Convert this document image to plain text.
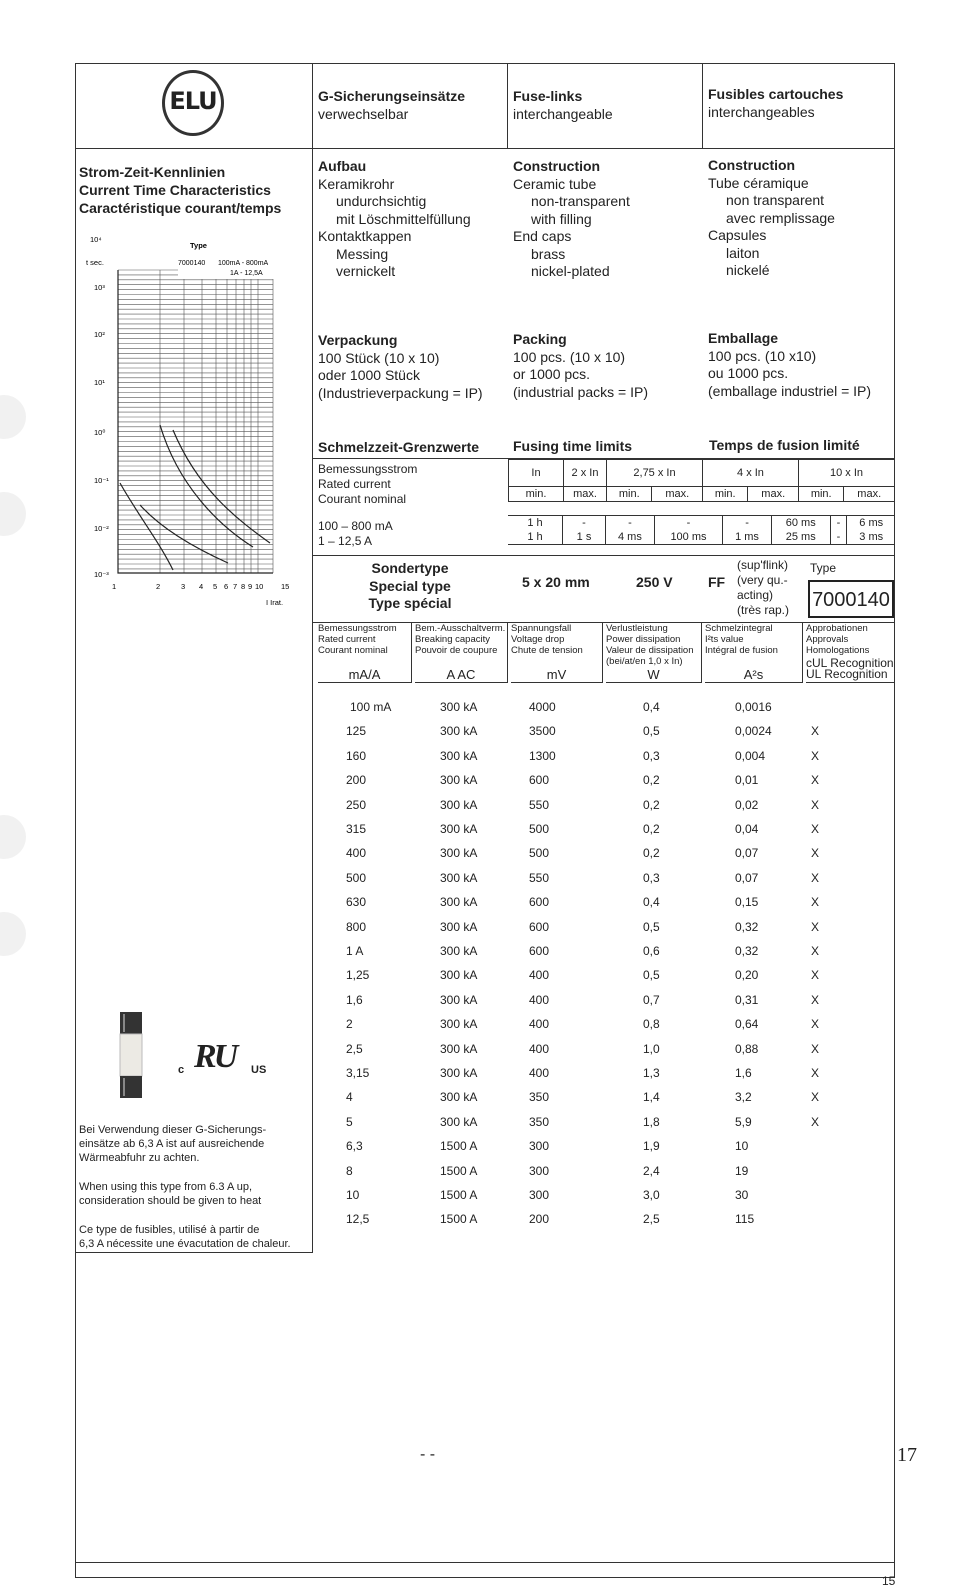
ELU	G-Sicherungseinsätze
verwechselbar
Fuse-links
interchangeable
Fusibles cartouches
interchangeables
Strom-Zeit-Kennlinien
Current Time Characteristics
Caractéristique courant/temps
10⁴
10³
10²
10¹
10⁰
10⁻¹
10⁻²
10⁻³
t sec.
1	2	3 4 5 6 7 8 9 10 15
I Irat.
Type
7000140 100mA - 800mA
1A - 12,5A
Aufbau
Keramikrohr
undurchsichtig
mit Löschmittelfüllung
Kontaktkappen
Messing
vernickelt
Construction
Ceramic tube
non-transparent
with filling
End caps
brass
nickel-plated
Construction
Tube céramique
non transparent
avec remplissage
Capsules
laiton
nickelé
Verpackung
100 Stück (10 x 10)
oder 1000 Stück
(Industrieverpackung = IP)
Packing
100 pcs. (10 x 10)
or 1000 pcs.
(industrial packs = IP)
Emballage
100 pcs. (10 x10)
ou 1000 pcs.
(emballage industriel = IP)
Schmelzzeit-Grenzwerte Fusing time limits	Temps de fusion limité
Bemessungsstrom
Rated current
Courant nominal
In	2 x In	2,75 x In		4 x In		10 x In	
min.	max.	min.	max.	min.	max.	min.	max.
100 – 800 mA
1 – 12,5 A
1 h	-	-	-	-	60 ms	-	6 ms
1 h	1 s	4 ms	100 ms	1 ms	25 ms	-	3 ms
Sondertype
Special type
Type spécial
5 x 20 mm	250 V	FF
(sup'flink)
(very qu.-
acting)
(très rap.)
Type
7000140
Bemessungsstrom
Rated current
Courant nominal
mA/A
Bem.-Ausschaltverm.
Breaking capacity
Pouvoir de coupure
A AC
Spannungsfall
Voltage drop
Chute de tension
mV
Verlustleistung
Power dissipation
Valeur de dissipation
(bei/at/en 1,0 x In)
W
Schmelzintegral
I²ts value
Intégral de fusion
A²s
Approbationen
Approvals
Homologations
cUL Recognition
UL Recognition
100 mA	300 kA	4000	0,4	0,0016
125	300 kA	3500	0,5	0,0024	X
160	300 kA	1300	0,3	0,004	X
200	300 kA	600	0,2	0,01	X
250	300 kA	550	0,2	0,02	X
315	300 kA	500	0,2	0,04	X
400	300 kA	500	0,2	0,07	X
500	300 kA	550	0,3	0,07	X
630	300 kA	600	0,4	0,15	X
800	300 kA	600	0,5	0,32	X
1 A	300 kA	600	0,6	0,32	X
1,25	300 kA	400	0,5	0,20	X
1,6	300 kA	400	0,7	0,31	X
2	300 kA	400	0,8	0,64	X
2,5	300 kA	400	1,0	0,88	X
3,15	300 kA	400	1,3	1,6	X
4	300 kA	350	1,4	3,2	X
5	300 kA	350	1,8	5,9	X
6,3	1500 A	300	1,9	10
8	1500 A	300	2,4	19
10	1500 A	300	3,0	30
12,5	1500 A	200	2,5	115
c RU US
Bei Verwendung dieser G-Sicherungs-
einsätze ab 6,3 A ist auf ausreichende
Wärmeabfuhr zu achten.
When using this type from 6.3 A up,
consideration should be given to heat
Ce type de fusibles, utilisé à partir de
6,3 A nécessite une évacutation de chaleur.
15
- -	17
